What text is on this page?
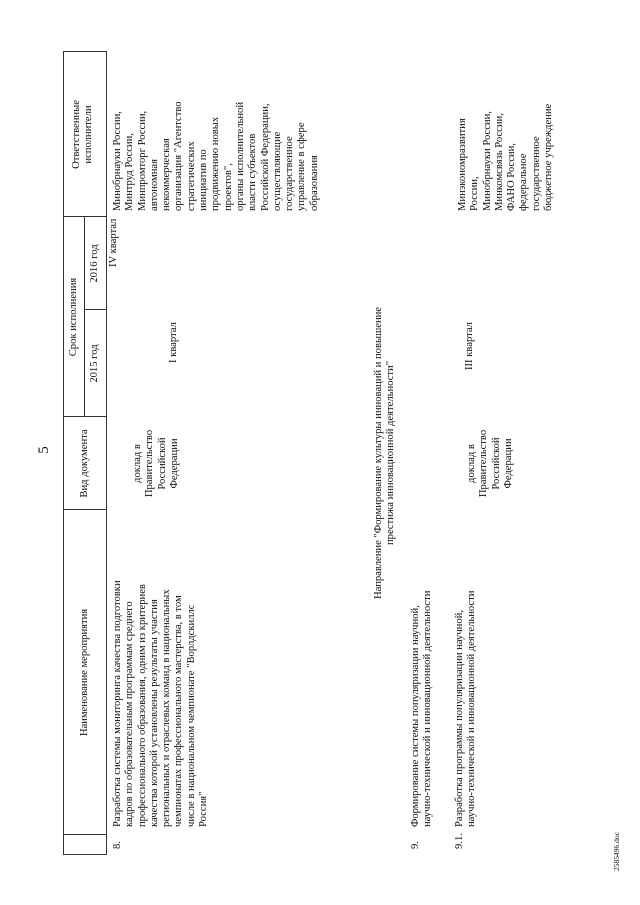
5
Наименование мероприятия
Вид документа
Срок исполнения
2015 год
2016 год
Ответственные
исполнители
8.
Разработка системы мониторинга качества подготовки
кадров по образовательным программам среднего
профессионального образования, одним из критериев
качества которой установлены результаты участия
региональных и отраслевых команд в национальных
чемпионатах профессионального мастерства, в том
числе в национальном чемпионате "Ворлдскиллс
Россия"
доклад в
Правительство
Российской
Федерации
I квартал
IV квартал
Минобрнауки России,
Минтруд России,
Минпромторг России,
автономная
некоммерческая
организация "Агентство
стратегических
инициатив по
продвижению новых
проектов",
органы исполнительной
власти субъектов
Российской Федерации,
осуществляющие
государственное
управление в сфере
образования
Направление "Формирование культуры инноваций и повышение
престижа инновационной деятельности"
9.
Формирование системы популяризации научной,
научно-технической и инновационной деятельности
9.1.
Разработка программы популяризации научной,
научно-технической и инновационной деятельности
доклад в
Правительство
Российской
Федерации
III квартал
Минэкономразвития
России,
Минобрнауки России,
Минкомсвязь России,
ФАНО России,
федеральное
государственное
бюджетное учреждение
2585496.doc
